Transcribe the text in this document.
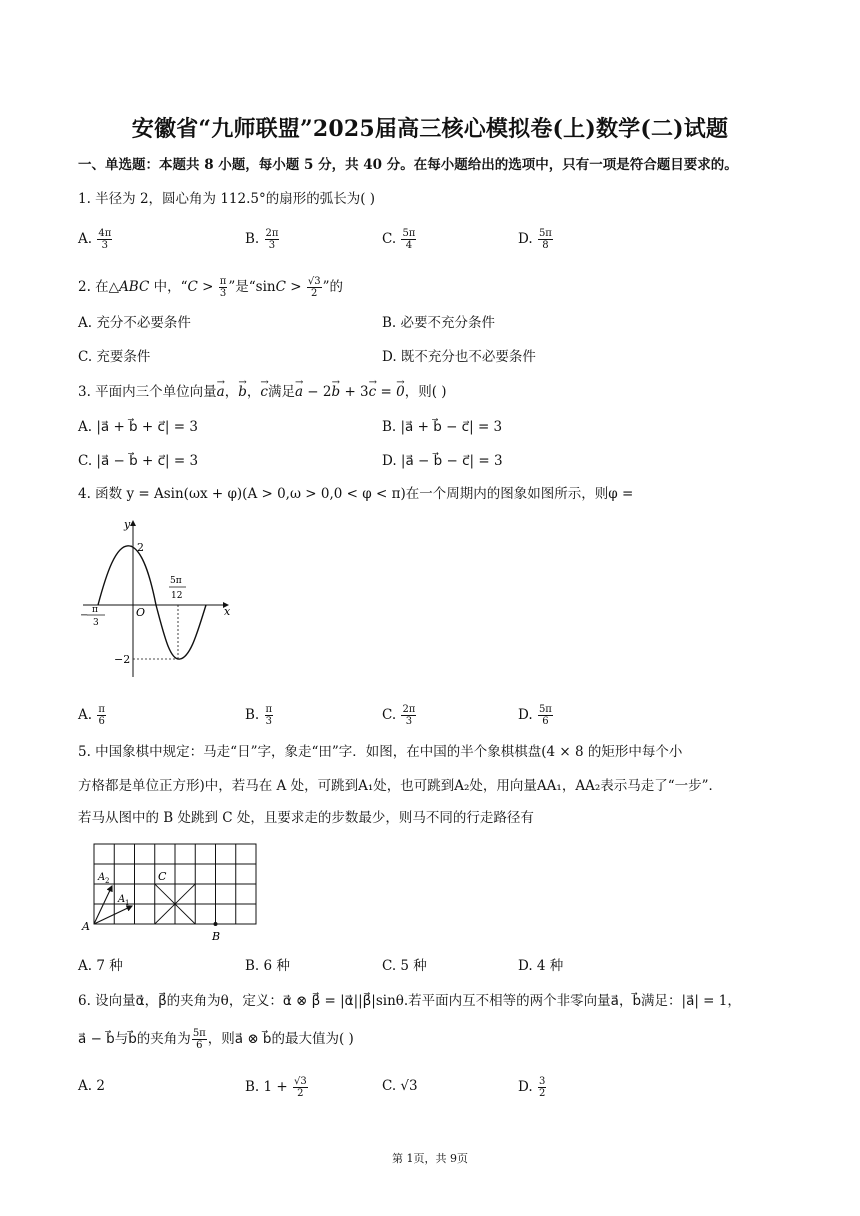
安徽省“九师联盟”2025届高三核心模拟卷(上)数学(二)试题
一、单选题：本题共 8 小题，每小题 5 分，共 40 分。在每小题给出的选项中，只有一项是符合题目要求的。
1. 半径为 2，圆心角为 112.5°的扇形的弧长为( )
A. $\frac{4\pi}{3}$	B. $\frac{2\pi}{3}$	C. $\frac{5\pi}{4}$	D. $\frac{5\pi}{8}$
2. 在△ABC 中，“$C > \frac{\pi}{3}$ ”是“$\sin C > \frac{√3}{2}$ ”的
A. 充分不必要条件	B. 必要不充分条件
C. 充要条件	D. 既不充分也不必要条件
3. 平面内三个单位向量→ a，→ b，→ c满足→ a − 2→ b + 3→ c = → 0，则( )
A. |a⃗ + b⃗ + c⃗| = 3	B. |a⃗ + b⃗ − c⃗| = 3
C. |a⃗ − b⃗ + c⃗| = 3	D. |a⃗ − b⃗ − c⃗| = 3
4. 函数 y = Asin(ωx + φ)(A > 0,ω > 0,0 < φ < π)在一个周期内的图象如图所示，则φ =
y
x
O
2
−2
− π
3
5π
12
A. $\frac{\pi}{6}$	B. $\frac{\pi}{3}$	C. $\frac{2\pi}{3}$	D. $\frac{5\pi}{6}$
5. 中国象棋中规定：马走“日”字，象走“田”字．如图，在中国的半个象棋棋盘(4 × 8 的矩形中每个小
方格都是单位正方形)中，若马在 A 处，可跳到A₁处，也可跳到A₂处，用向量AA₁，AA₂表示马走了“一步”．
若马从图中的 B 处跳到 C 处，且要求走的步数最少，则马不同的行走路径有
A
A 1
A 2	C
B
A. 7 种	B. 6 种	C. 5 种	D. 4 种
6. 设向量α⃗，β⃗的夹角为θ，定义：α⃗ ⊗ β⃗ = |α⃗||β⃗|sinθ.若平面内互不相等的两个非零向量a⃗，b⃗满足：|a⃗| = 1，
a⃗ − b⃗与b⃗的夹角为 $\frac{5\pi}{6}$ ，则a⃗ ⊗ b⃗的最大值为( )
A. 2	B. $1 + \frac{√3}{2}$	C. √3	D. $\frac{3}{2}$
第 1页，共 9页
